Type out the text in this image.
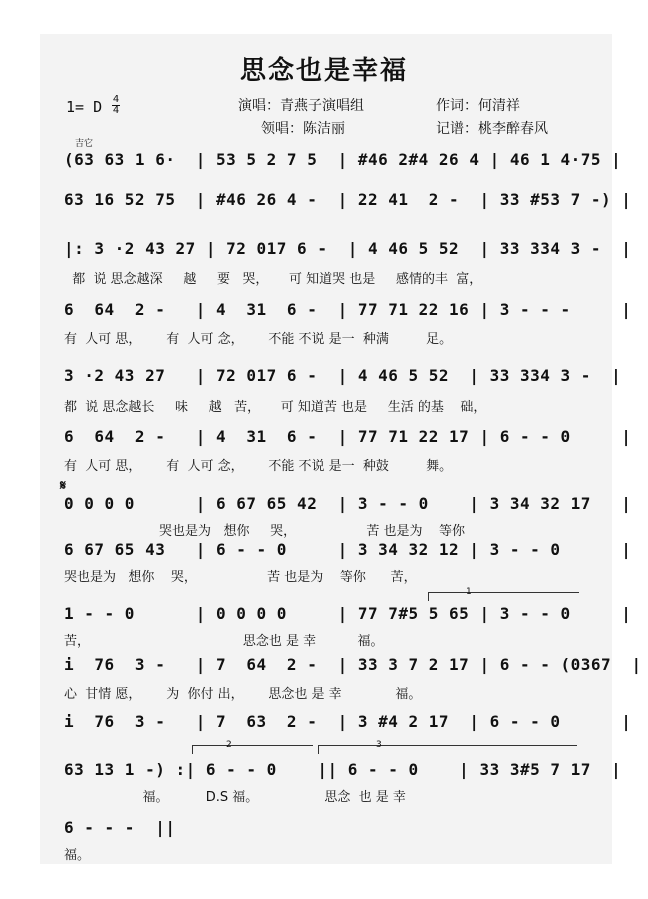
思念也是幸福
1= D 4
4	演唱：青燕子演唱组	作词：何清祥
领唱：陈洁丽	记谱：桃李醉春风
吉它
(63 63 1 6·  | 53 5 2 7 5  | #46 2#4 26 4 | 46 1 4·75 |
63 16 52 75  | #46 26 4 -  | 22 41  2 -  | 33 #53 7 -) |
|: 3 ·2 43 27 | 72 017 6 -  | 4 46 5 52  | 33 334 3 -  |
都  说 思念越深     越     要   哭，     可 知道哭 也是     感情的丰  富，
6  64  2 -   | 4  31  6 -  | 77 71 22 16 | 3 - - -     |
有  人可 思，      有  人可 念，      不能 不说 是一  种满         足。
3 ·2 43 27   | 72 017 6 -  | 4 46 5 52  | 33 334 3 -  |
都  说 思念越长     味     越   苦，     可 知道苦 也是     生活 的基    础，
6  64  2 -   | 4  31  6 -  | 77 71 22 17 | 6 - - 0     |
有  人可 思，      有  人可 念，      不能 不说 是一  种鼓         舞。
𝄋
0 0 0 0      | 6 67 65 42  | 3 - - 0    | 3 34 32 17   |
哭也是为   想你     哭，                 苦 也是为    等你
6 67 65 43   | 6 - - 0     | 3 34 32 12 | 3 - - 0      |
哭也是为   想你    哭，                 苦 也是为    等你      苦，
1
1 - - 0      | 0 0 0 0     | 77 7#5 5 65 | 3 - - 0     |
苦，                                     思念也 是 幸          福。
i  76  3 -   | 7  64  2 -  | 33 3 7 2 17 | 6 - - (0367  |
心  甘情 愿，      为  你付 出，      思念也 是 幸             福。
i  76  3 -   | 7  63  2 -  | 3 #4 2 17  | 6 - - 0      |
2	3
63 13 1 -) :| 6 - - 0    || 6 - - 0    | 33 3#5 7 17  |
福。         D.S 福。                思念  也 是 幸
6 - - -  ||
福。
